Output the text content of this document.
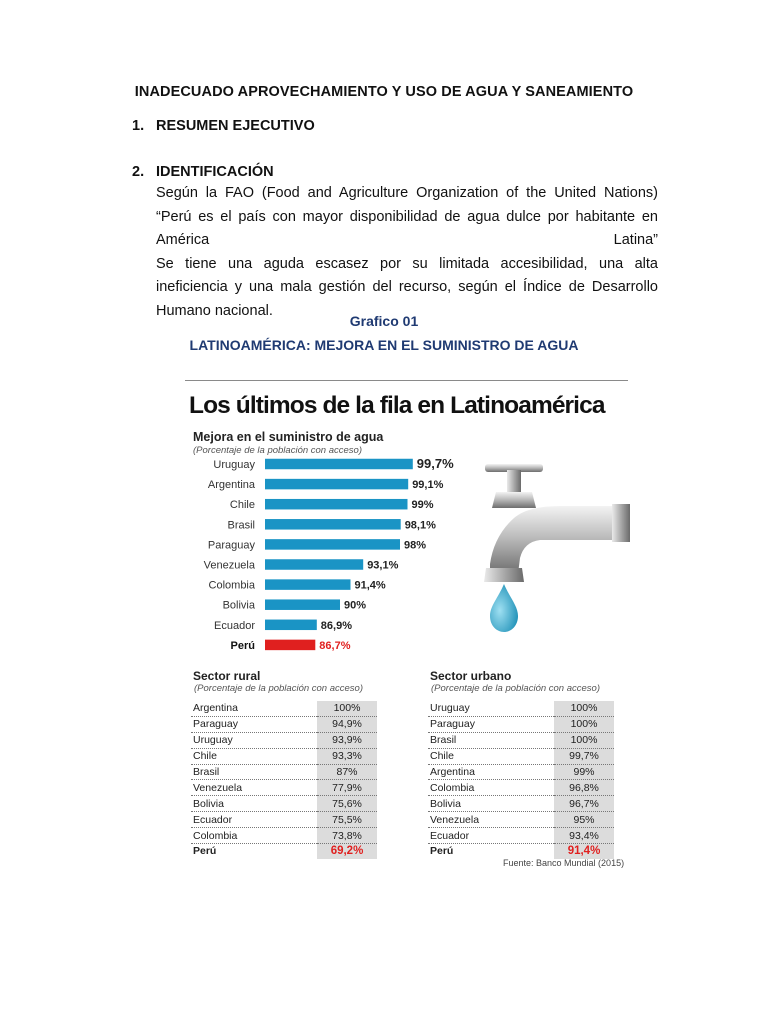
INADECUADO APROVECHAMIENTO Y USO DE AGUA Y SANEAMIENTO
1. RESUMEN EJECUTIVO
2. IDENTIFICACIÓN

Según la FAO (Food and Agriculture Organization of the United Nations) “Perú es el país con mayor disponibilidad de agua dulce por habitante en América Latina”

Se tiene una aguda escasez por su limitada accesibilidad, una alta ineficiencia y una mala gestión del recurso, según el Índice de Desarrollo Humano nacional.

Grafico 01
LATINOAMÉRICA: MEJORA EN EL SUMINISTRO DE AGUA
Los últimos de la fila en Latinoamérica
Mejora en el suministro de agua
(Porcentaje de la población con acceso)
Uruguay	99,7%
Argentina	99,1%
Chile	99%
Brasil	98,1%
Paraguay	98%
Venezuela	93,1%
Colombia	91,4%
Bolivia	90%
Ecuador	86,9%
Perú	86,7%
Sector rural
(Porcentaje de la población con acceso)
Argentina	100%
Paraguay	94,9%
Uruguay	93,9%
Chile	93,3%
Brasil	87%
Venezuela	77,9%
Bolivia	75,6%
Ecuador	75,5%
Colombia	73,8%
Perú	69,2%
Sector urbano
(Porcentaje de la población con acceso)
Uruguay	100%
Paraguay	100%
Brasil	100%
Chile	99,7%
Argentina	99%
Colombia	96,8%
Bolivia	96,7%
Venezuela	95%
Ecuador	93,4%
Perú	91,4%
Fuente: Banco Mundial (2015)
